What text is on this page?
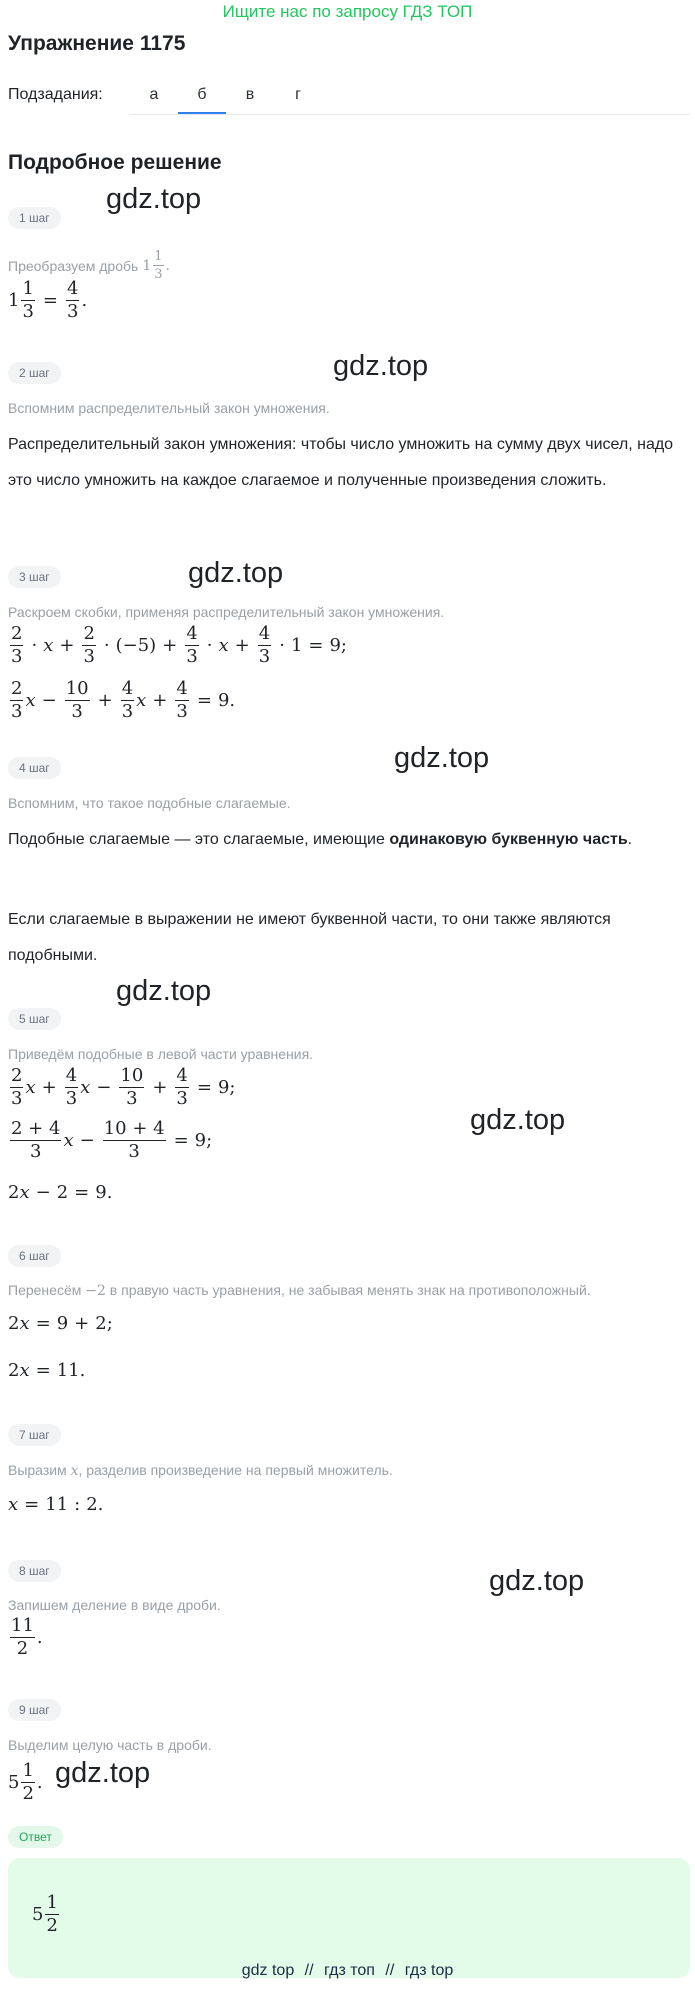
Ищите нас по запросу ГДЗ ТОП
Упражнение 1175
Подзадания:	а	б	в	г
Подробное решение
gdz.top
gdz.top
gdz.top
gdz.top
gdz.top
gdz.top
gdz.top
gdz.top
1 шаг
Преобразуем дробь 1
1
3
.
$1 \frac{1}{3} = \frac{4}{3}$ .
2 шаг
Вспомним распределительный закон умножения.
Распределительный закон умножения: чтобы число умножить на сумму двух чисел, надо это число умножить на каждое слагаемое и полученные произведения сложить.
3 шаг
Раскроем скобки, применяя распределительный закон умножения.
2
3
· $x + \frac{2}{3} \cdot (-5) + \frac{4}{3} \cdot x + \frac{4}{3} \cdot 1 = 9$;
2
3
$x - \frac{10}{3} + \frac{4}{3}$ $x + \frac{4}{3} = 9$.
4 шаг
Вспомним, что такое подобные слагаемые.
Подобные слагаемые — это слагаемые, имеющие одинаковую буквенную часть.
Если слагаемые в выражении не имеют буквенной части, то они также являются подобными.
5 шаг
Приведём подобные в левой части уравнения.
2
3
$x + \frac{4}{3}$ $x - \frac{10}{3} + \frac{4}{3} = 9$;
2 + 4
3
$x - \frac{10 + 4}{3} = 9$;
2 x − 2 = 9.
6 шаг
Перенесём −2 в правую часть уравнения, не забывая менять знак на противоположный.
2 x = 9 + 2;
2 x = 11.
7 шаг
Выразим x, разделив произведение на первый множитель.
x = 11 : 2.
8 шаг
Запишем деление в виде дроби.
11
2
.
9 шаг
Выделим целую часть в дроби.
5
1
2
.
Ответ
5
1
2
gdz top // гдз топ // гдз top
